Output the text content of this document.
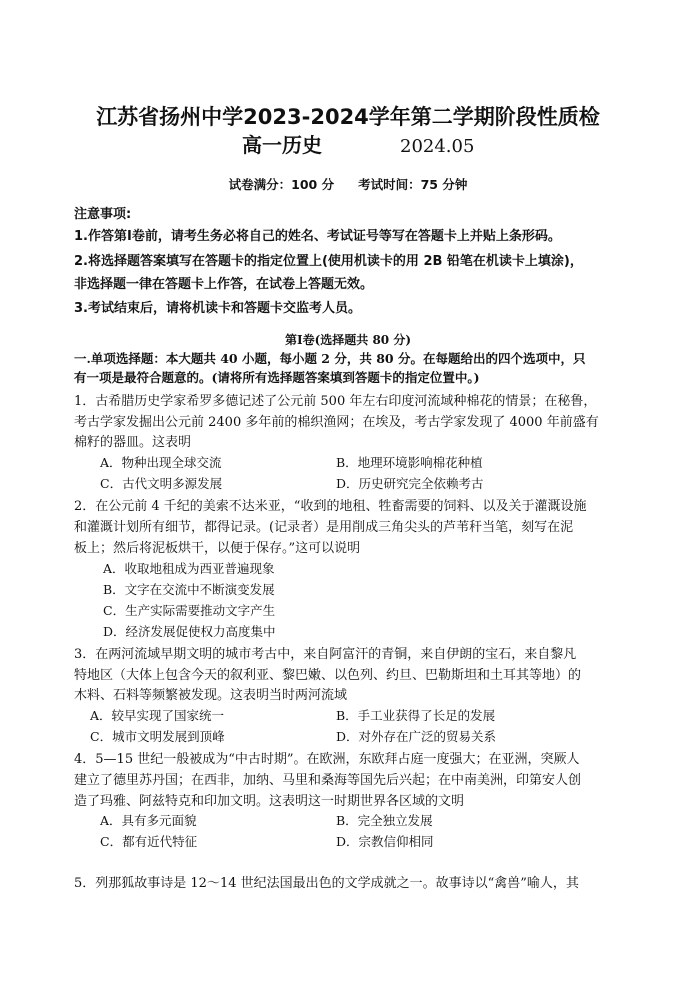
江苏省扬州中学2023-2024学年第二学期阶段性质检
高一历史	2024.05
试卷满分：100 分 考试时间：75 分钟
注意事项:
1.作答第Ⅰ卷前，请考生务必将自己的姓名、考试证号等写在答题卡上并贴上条形码。
2.将选择题答案填写在答题卡的指定位置上(使用机读卡的用 2B 铅笔在机读卡上填涂)，
非选择题一律在答题卡上作答，在试卷上答题无效。
3.考试结束后，请将机读卡和答题卡交监考人员。
第Ⅰ卷(选择题共 80 分)
一.单项选择题：本大题共 40 小题，每小题 2 分，共 80 分。在每题给出的四个选项中，只
有一项是最符合题意的。(请将所有选择题答案填到答题卡的指定位置中。)
1．古希腊历史学家希罗多德记述了公元前 500 年左右印度河流域种棉花的情景；在秘鲁，
考古学家发掘出公元前 2400 多年前的棉织渔网；在埃及，考古学家发现了 4000 年前盛有
棉籽的器皿。这表明
A．物种出现全球交流	B．地理环境影响棉花种植
C．古代文明多源发展	D．历史研究完全依赖考古
2．在公元前 4 千纪的美索不达米亚，“收到的地租、牲畜需要的饲料、以及关于灌溉设施
和灌溉计划所有细节，都得记录。(记录者）是用削成三角尖头的芦苇秆当笔，刻写在泥
板上；然后将泥板烘干，以便于保存。”这可以说明
A．收取地租成为西亚普遍现象
B．文字在交流中不断演变发展
C．生产实际需要推动文字产生
D．经济发展促使权力高度集中
3．在两河流域早期文明的城市考古中，来自阿富汗的青铜，来自伊朗的宝石，来自黎凡
特地区（大体上包含今天的叙利亚、黎巴嫩、以色列、约旦、巴勒斯坦和土耳其等地）的
木料、石料等频繁被发现。这表明当时两河流域
A．较早实现了国家统一	B．手工业获得了长足的发展
C．城市文明发展到顶峰	D．对外存在广泛的贸易关系
4．5—15 世纪一般被成为“中古时期”。在欧洲，东欧拜占庭一度强大；在亚洲，突厥人
建立了德里苏丹国；在西非，加纳、马里和桑海等国先后兴起；在中南美洲，印第安人创
造了玛雅、阿兹特克和印加文明。这表明这一时期世界各区域的文明
A．具有多元面貌	B．完全独立发展
C．都有近代特征	D．宗教信仰相同
5．列那狐故事诗是 12～14 世纪法国最出色的文学成就之一。故事诗以“禽兽”喻人，其
